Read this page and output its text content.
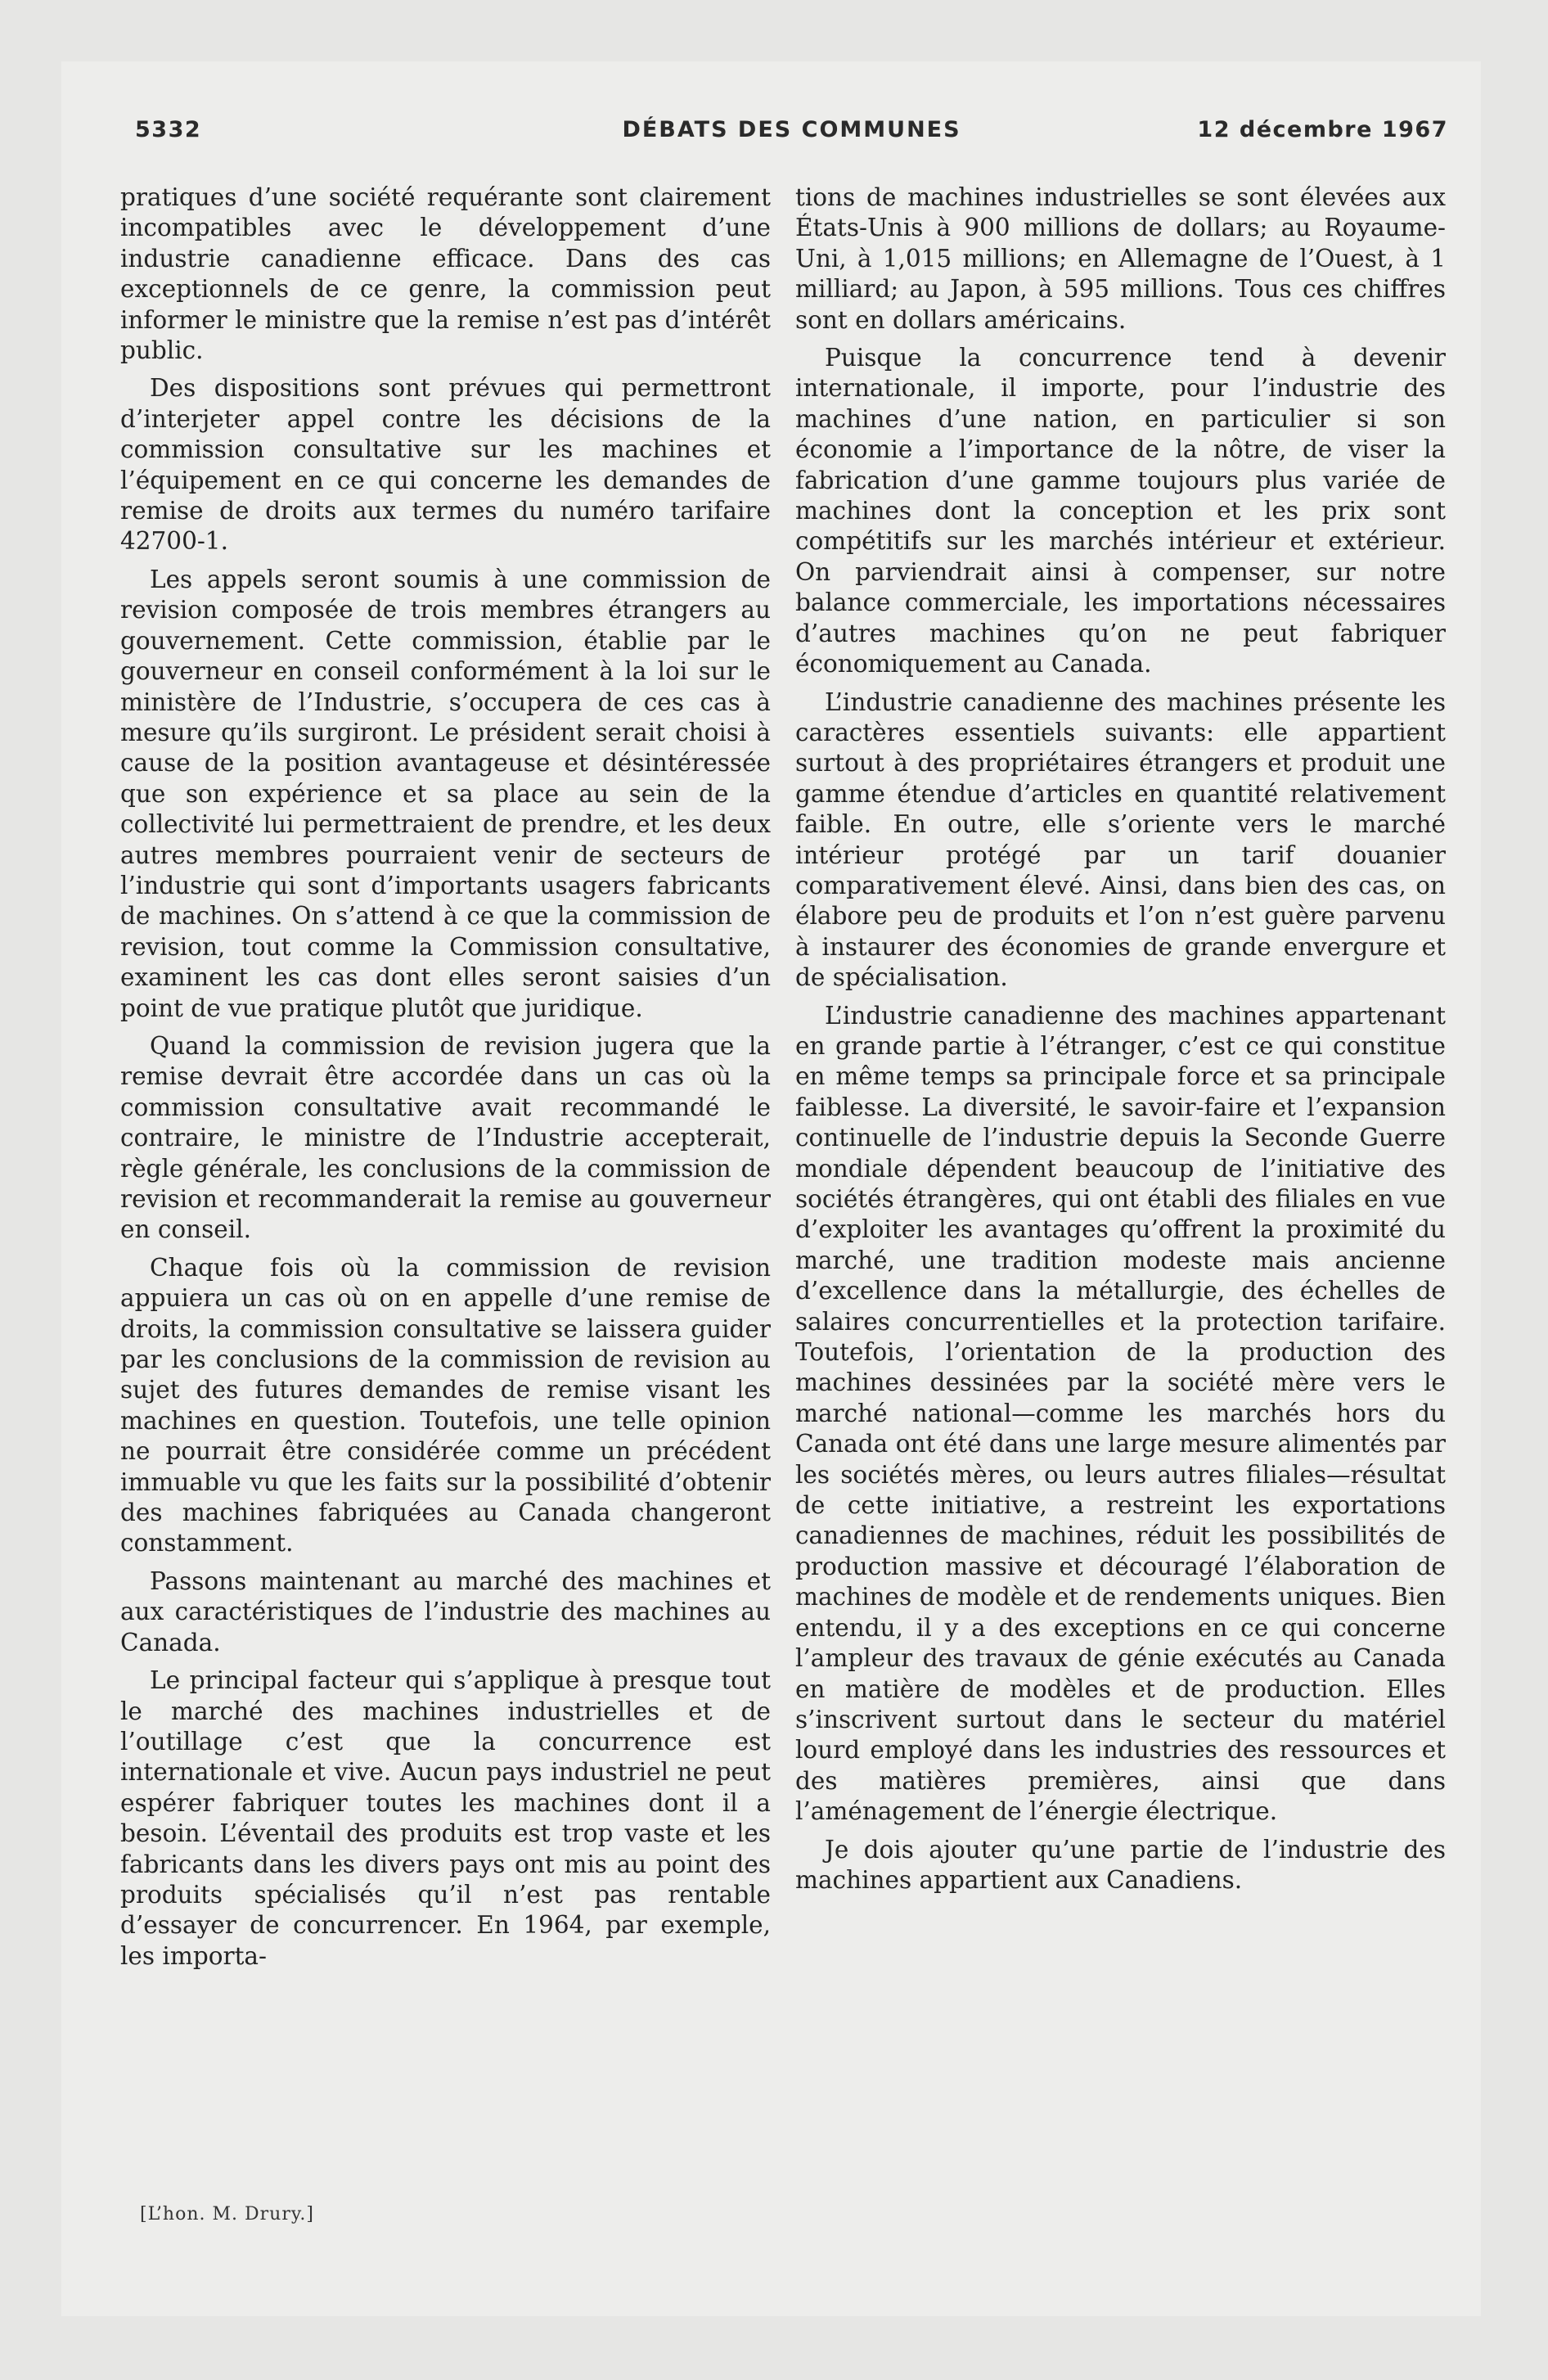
5332	DÉBATS DES COMMUNES	12 décembre 1967

pratiques d’une société requérante sont clairement incompatibles avec le développement d’une industrie canadienne efficace. Dans des cas exceptionnels de ce genre, la commission peut informer le ministre que la remise n’est pas d’intérêt public.

Des dispositions sont prévues qui permettront d’interjeter appel contre les décisions de la commission consultative sur les machines et l’équipement en ce qui concerne les demandes de remise de droits aux termes du numéro tarifaire 42700-1.

Les appels seront soumis à une commission de revision composée de trois membres étrangers au gouvernement. Cette commission, établie par le gouverneur en conseil conformément à la loi sur le ministère de l’Industrie, s’occupera de ces cas à mesure qu’ils surgiront. Le président serait choisi à cause de la position avantageuse et désintéressée que son expérience et sa place au sein de la collectivité lui permettraient de prendre, et les deux autres membres pourraient venir de secteurs de l’industrie qui sont d’importants usagers fabricants de machines. On s’attend à ce que la commission de revision, tout comme la Commission consultative, examinent les cas dont elles seront saisies d’un point de vue pratique plutôt que juridique.

Quand la commission de revision jugera que la remise devrait être accordée dans un cas où la commission consultative avait recommandé le contraire, le ministre de l’Industrie accepterait, règle générale, les conclusions de la commission de revision et recommanderait la remise au gouverneur en conseil.

Chaque fois où la commission de revision appuiera un cas où on en appelle d’une remise de droits, la commission consultative se laissera guider par les conclusions de la commission de revision au sujet des futures demandes de remise visant les machines en question. Toutefois, une telle opinion ne pourrait être considérée comme un précédent immuable vu que les faits sur la possibilité d’obtenir des machines fabriquées au Canada changeront constamment.

Passons maintenant au marché des machines et aux caractéristiques de l’industrie des machines au Canada.

Le principal facteur qui s’applique à presque tout le marché des machines industrielles et de l’outillage c’est que la concurrence est internationale et vive. Aucun pays industriel ne peut espérer fabriquer toutes les machines dont il a besoin. L’éventail des produits est trop vaste et les fabricants dans les divers pays ont mis au point des produits spécialisés qu’il n’est pas rentable d’essayer de concurrencer. En 1964, par exemple, les importa-

tions de machines industrielles se sont élevées aux États-Unis à 900 millions de dollars; au Royaume-Uni, à 1,015 millions; en Allemagne de l’Ouest, à 1 milliard; au Japon, à 595 millions. Tous ces chiffres sont en dollars américains.

Puisque la concurrence tend à devenir internationale, il importe, pour l’industrie des machines d’une nation, en particulier si son économie a l’importance de la nôtre, de viser la fabrication d’une gamme toujours plus variée de machines dont la conception et les prix sont compétitifs sur les marchés intérieur et extérieur. On parviendrait ainsi à compenser, sur notre balance commerciale, les importations nécessaires d’autres machines qu’on ne peut fabriquer économiquement au Canada.

L’industrie canadienne des machines présente les caractères essentiels suivants: elle appartient surtout à des propriétaires étrangers et produit une gamme étendue d’articles en quantité relativement faible. En outre, elle s’oriente vers le marché intérieur protégé par un tarif douanier comparativement élevé. Ainsi, dans bien des cas, on élabore peu de produits et l’on n’est guère parvenu à instaurer des économies de grande envergure et de spécialisation.

L’industrie canadienne des machines appartenant en grande partie à l’étranger, c’est ce qui constitue en même temps sa principale force et sa principale faiblesse. La diversité, le savoir-faire et l’expansion continuelle de l’industrie depuis la Seconde Guerre mondiale dépendent beaucoup de l’initiative des sociétés étrangères, qui ont établi des filiales en vue d’exploiter les avantages qu’offrent la proximité du marché, une tradition modeste mais ancienne d’excellence dans la métallurgie, des échelles de salaires concurrentielles et la protection tarifaire. Toutefois, l’orientation de la production des machines dessinées par la société mère vers le marché national—comme les marchés hors du Canada ont été dans une large mesure alimentés par les sociétés mères, ou leurs autres filiales—résultat de cette initiative, a restreint les exportations canadiennes de machines, réduit les possibilités de production massive et découragé l’élaboration de machines de modèle et de rendements uniques. Bien entendu, il y a des exceptions en ce qui concerne l’ampleur des travaux de génie exécutés au Canada en matière de modèles et de production. Elles s’inscrivent surtout dans le secteur du matériel lourd employé dans les industries des ressources et des matières premières, ainsi que dans l’aménagement de l’énergie électrique.

Je dois ajouter qu’une partie de l’industrie des machines appartient aux Canadiens.

[L’hon. M. Drury.]
